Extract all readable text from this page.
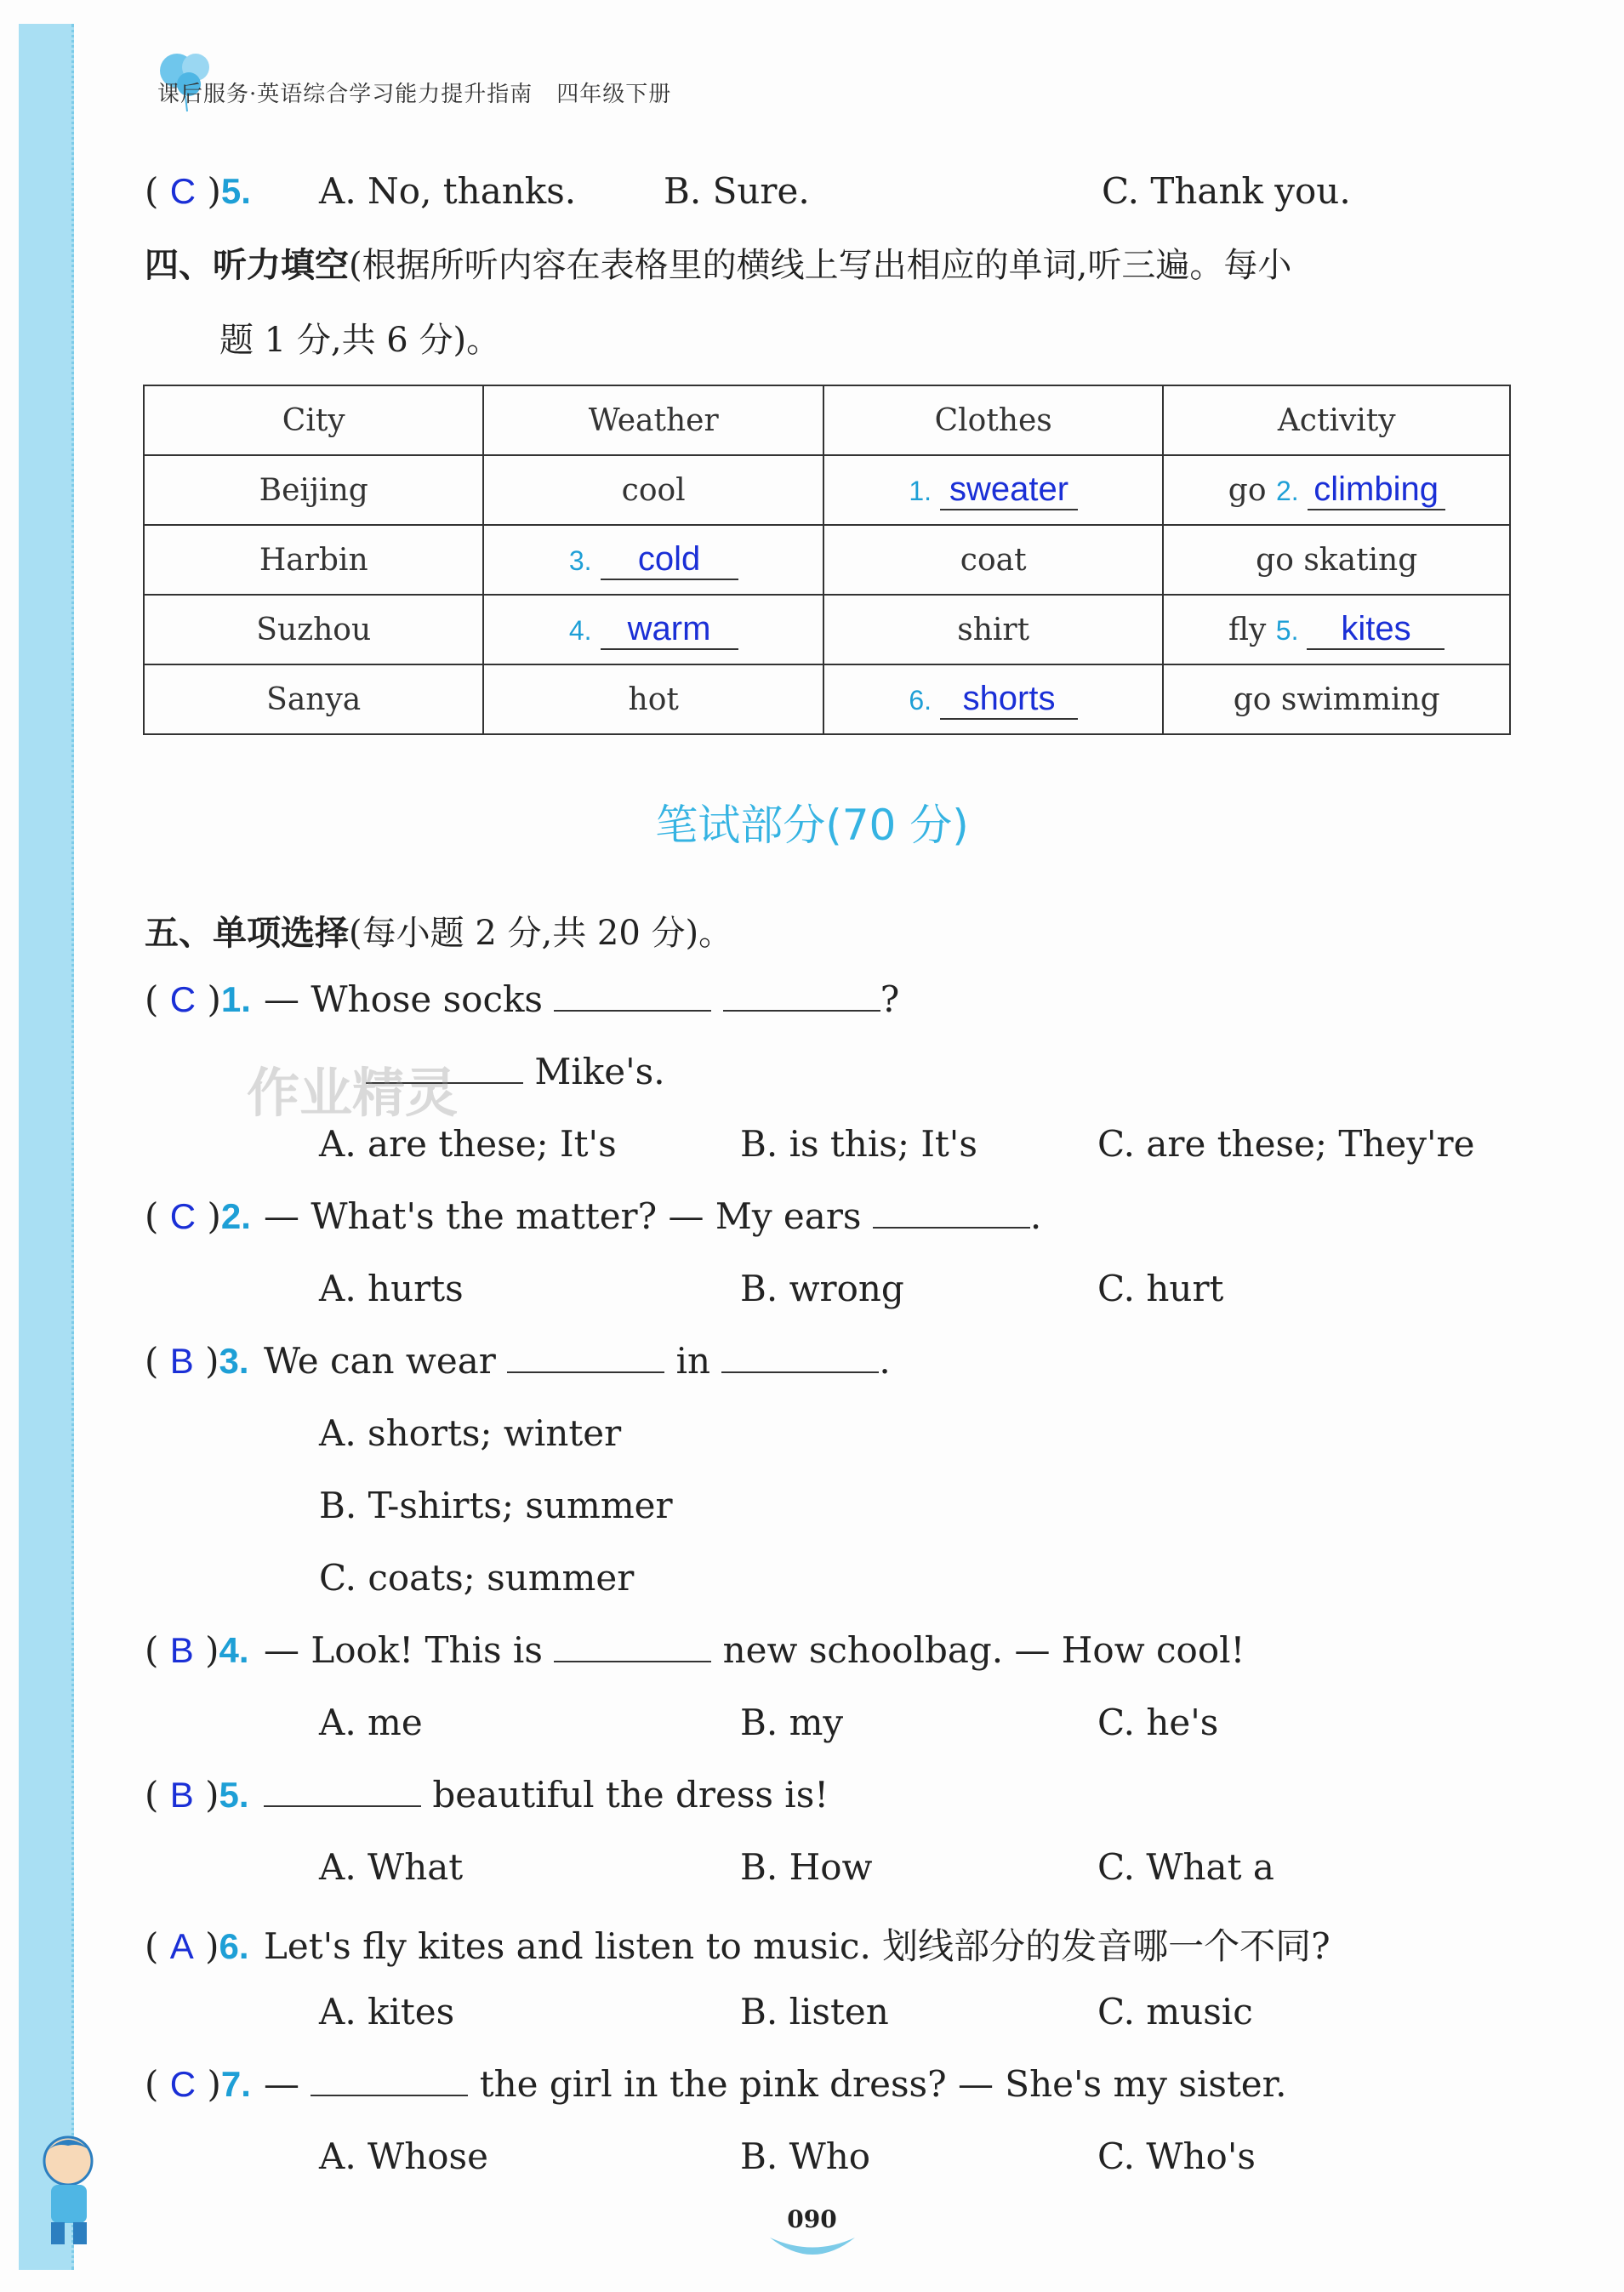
课后服务·英语综合学习能力提升指南 四年级下册
( C )5.	A. No, thanks. B. Sure.	C. Thank you.
四、听力填空(根据所听内容在表格里的横线上写出相应的单词,听三遍。每小
题 1 分,共 6 分)。
City	Weather	Clothes	Activity
Beijing	cool	1. sweater	go 2. climbing
Harbin	3. cold	coat	go skating
Suzhou	4. warm	shirt	fly 5. kites
Sanya	hot	6. shorts	go swimming
笔试部分(70 分)
五、单项选择(每小题 2 分,共 20 分)。
( C )1. — Whose socks	?
Mike's.
A. are these; It's	B. is this; It's	C. are these; They're
( C )2. — What's the matter? — My ears	.
A. hurts	B. wrong	C. hurt
( B )3. We can wear	in	.
A. shorts; winter
B. T-shirts; summer
C. coats; summer
( B )4. — Look! This is	new schoolbag. — How cool!
A. me	B. my	C. he's
( B )5.	beautiful the dress is!
A. What	B. How	C. What a
( A )6. Let's fly kites and listen to music. 划线部分的发音哪一个不同?
A. kites	B. listen	C. music
( C )7. —	the girl in the pink dress? — She's my sister.
A. Whose	B. Who	C. Who's
作业精灵
090
